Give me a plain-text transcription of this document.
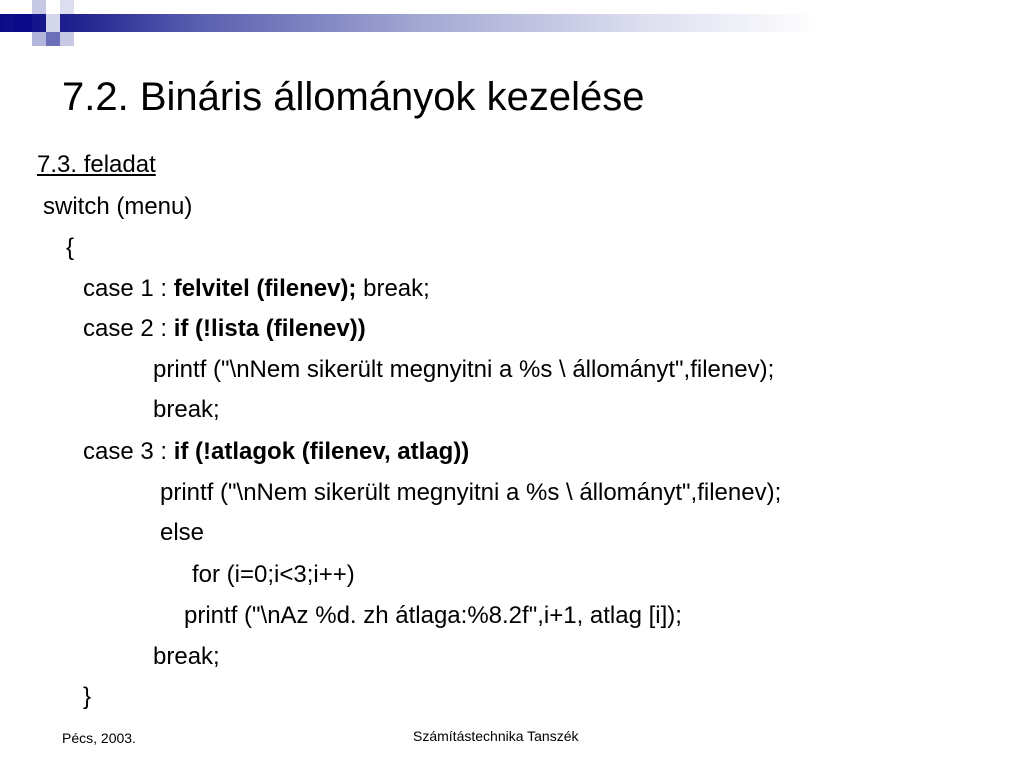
7.2. Bináris állományok kezelése
7.3. feladat
switch (menu)
{
case 1 : felvitel (filenev); break;
case 2 : if (!lista (filenev))
printf ("\nNem sikerült megnyitni a %s \ állományt",filenev);
break;
case 3 : if (!atlagok (filenev, atlag))
printf ("\nNem sikerült megnyitni a %s \ állományt",filenev);
else
for (i=0;i<3;i++)
printf ("\nAz %d. zh átlaga:%8.2f",i+1, atlag [i]);
break;
}
Pécs, 2003.	Számítástechnika Tanszék
